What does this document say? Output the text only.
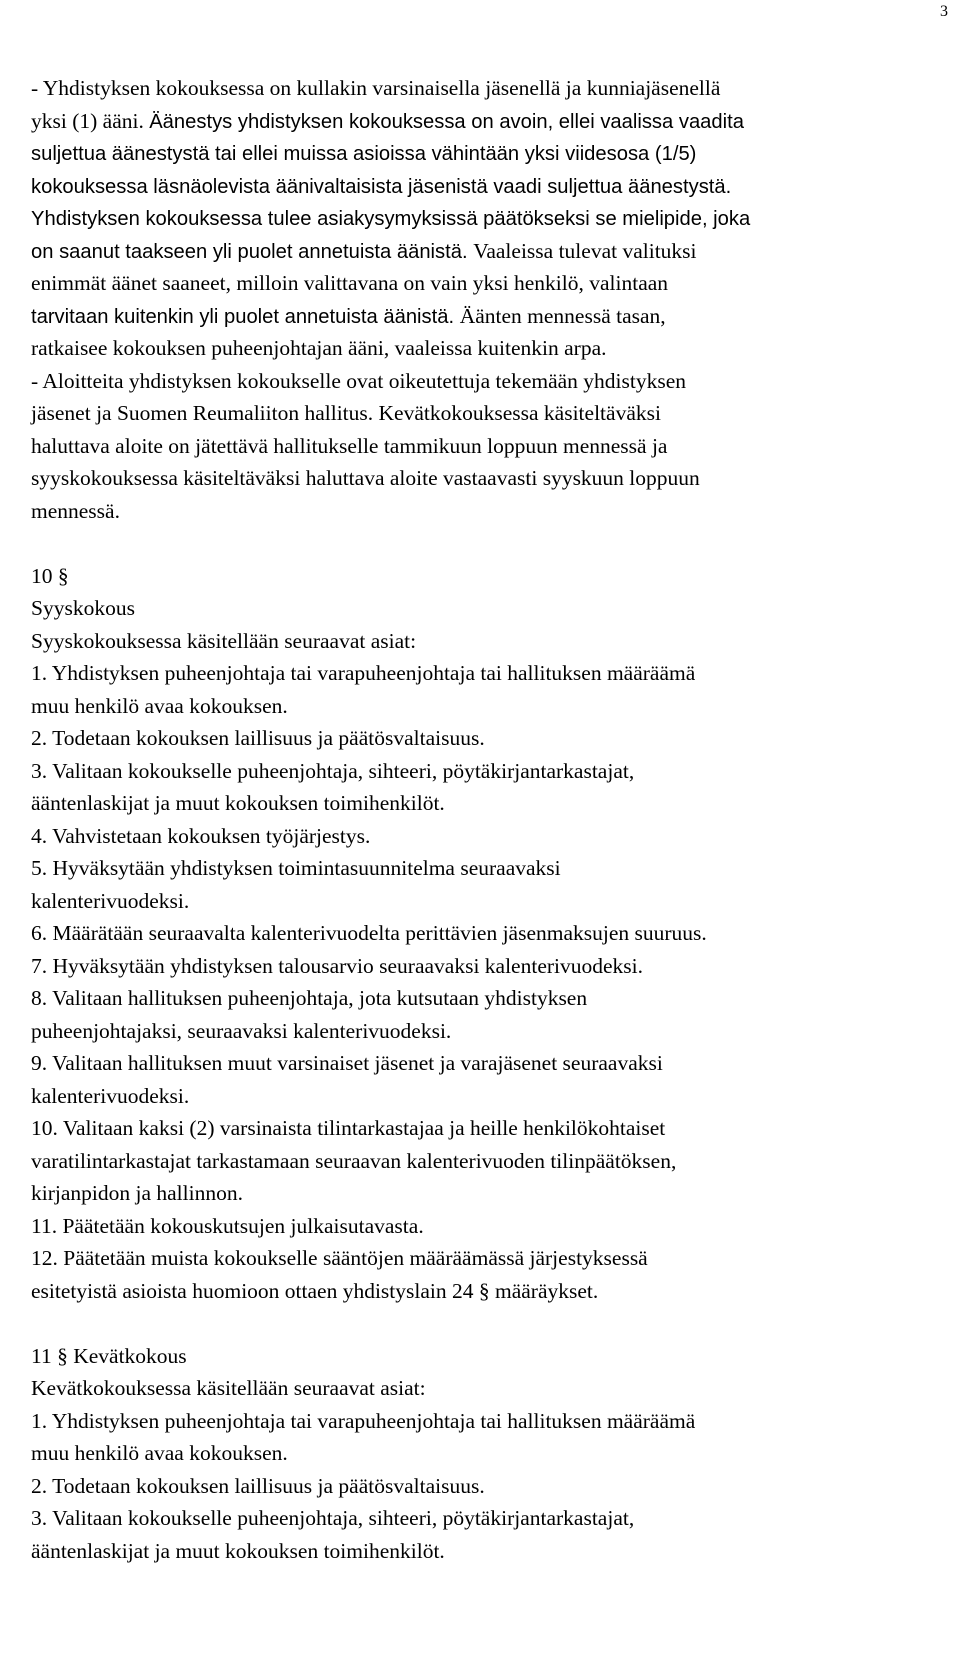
3
- Yhdistyksen kokouksessa on kullakin varsinaisella jäsenellä ja kunniajäsenellä
yksi (1) ääni. Äänestys yhdistyksen kokouksessa on avoin, ellei vaalissa vaadita
suljettua äänestystä tai ellei muissa asioissa vähintään yksi viidesosa (1/5)
kokouksessa läsnäolevista äänivaltaisista jäsenistä vaadi suljettua äänestystä.
Yhdistyksen kokouksessa tulee asiakysymyksissä päätökseksi se mielipide, joka
on saanut taakseen yli puolet annetuista äänistä. Vaaleissa tulevat valituksi
enimmät äänet saaneet, milloin valittavana on vain yksi henkilö, valintaan
tarvitaan kuitenkin yli puolet annetuista äänistä. Äänten mennessä tasan,
ratkaisee kokouksen puheenjohtajan ääni, vaaleissa kuitenkin arpa.
- Aloitteita yhdistyksen kokoukselle ovat oikeutettuja tekemään yhdistyksen
jäsenet ja Suomen Reumaliiton hallitus. Kevätkokouksessa käsiteltäväksi
haluttava aloite on jätettävä hallitukselle tammikuun loppuun mennessä ja
syyskokouksessa käsiteltäväksi haluttava aloite vastaavasti syyskuun loppuun
mennessä.
10 §
Syyskokous
Syyskokouksessa käsitellään seuraavat asiat:
1. Yhdistyksen puheenjohtaja tai varapuheenjohtaja tai hallituksen määräämä
muu henkilö avaa kokouksen.
2. Todetaan kokouksen laillisuus ja päätösvaltaisuus.
3. Valitaan kokoukselle puheenjohtaja, sihteeri, pöytäkirjantarkastajat,
ääntenlaskijat ja muut kokouksen toimihenkilöt.
4. Vahvistetaan kokouksen työjärjestys.
5. Hyväksytään yhdistyksen toimintasuunnitelma seuraavaksi
kalenterivuodeksi.
6. Määrätään seuraavalta kalenterivuodelta perittävien jäsenmaksujen suuruus.
7. Hyväksytään yhdistyksen talousarvio seuraavaksi kalenterivuodeksi.
8. Valitaan hallituksen puheenjohtaja, jota kutsutaan yhdistyksen
puheenjohtajaksi, seuraavaksi kalenterivuodeksi.
9. Valitaan hallituksen muut varsinaiset jäsenet ja varajäsenet seuraavaksi
kalenterivuodeksi.
10. Valitaan kaksi (2) varsinaista tilintarkastajaa ja heille henkilökohtaiset
varatilintarkastajat tarkastamaan seuraavan kalenterivuoden tilinpäätöksen,
kirjanpidon ja hallinnon.
11. Päätetään kokouskutsujen julkaisutavasta.
12. Päätetään muista kokoukselle sääntöjen määräämässä järjestyksessä
esitetyistä asioista huomioon ottaen yhdistyslain 24 § määräykset.
11 § Kevätkokous
Kevätkokouksessa käsitellään seuraavat asiat:
1. Yhdistyksen puheenjohtaja tai varapuheenjohtaja tai hallituksen määräämä
muu henkilö avaa kokouksen.
2. Todetaan kokouksen laillisuus ja päätösvaltaisuus.
3. Valitaan kokoukselle puheenjohtaja, sihteeri, pöytäkirjantarkastajat,
ääntenlaskijat ja muut kokouksen toimihenkilöt.
